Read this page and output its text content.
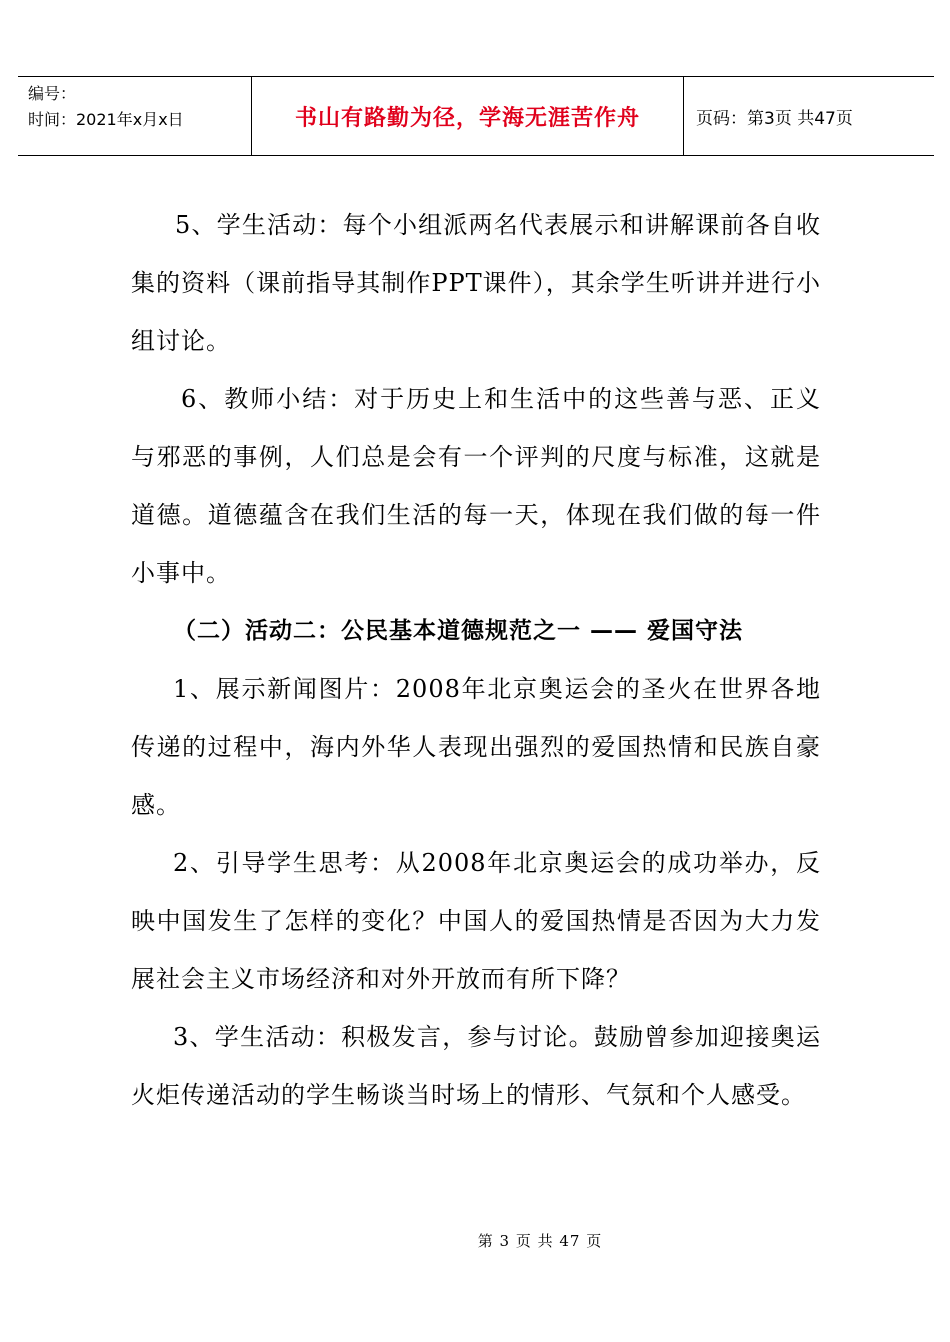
编号：
时间：2021年x月x日	书山有路勤为径，学海无涯苦作舟	页码：第3页 共47页

5、学生活动：每个小组派两名代表展示和讲解课前各自收集的资料（课前指导其制作PPT课件），其余学生听讲并进行小组讨论。

6、教师小结：对于历史上和生活中的这些善与恶、正义与邪恶的事例，人们总是会有一个评判的尺度与标准，这就是道德。道德蕴含在我们生活的每一天，体现在我们做的每一件小事中。

（二）活动二：公民基本道德规范之一 —— 爱国守法

1、展示新闻图片：2008年北京奥运会的圣火在世界各地传递的过程中，海内外华人表现出强烈的爱国热情和民族自豪感。

2、引导学生思考：从2008年北京奥运会的成功举办，反映中国发生了怎样的变化？中国人的爱国热情是否因为大力发展社会主义市场经济和对外开放而有所下降？

3、学生活动：积极发言，参与讨论。鼓励曾参加迎接奥运火炬传递活动的学生畅谈当时场上的情形、气氛和个人感受。

第 3 页 共 47 页
